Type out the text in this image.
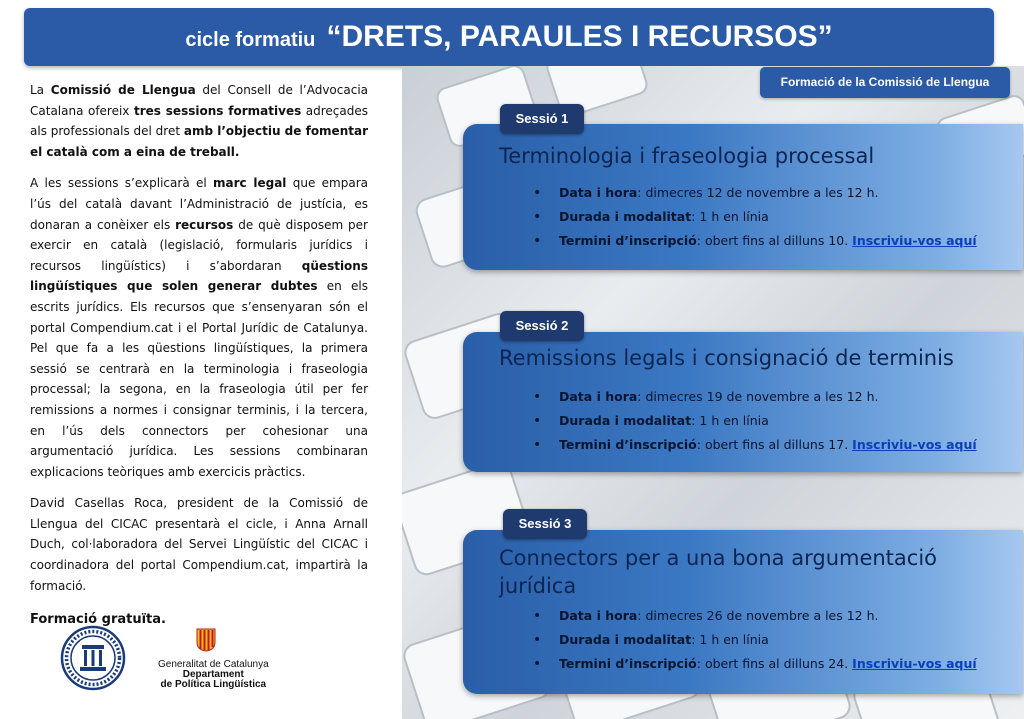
cicle formatiu “DRETS, PARAULES I RECURSOS”
Formació de la Comissió de Llengua

La Comissió de Llengua del Consell de l’Advocacia Catalana ofereix tres sessions formatives adreçades als professionals del dret amb l’objectiu de fomentar el català com a eina de treball.

A les sessions s’explicarà el marc legal que empara l’ús del català davant l’Administració de justícia, es donaran a conèixer els recursos de què disposem per exercir en català (legislació, formularis jurídics i recursos lingüístics) i s’abordaran qüestions lingüístiques que solen generar dubtes en els escrits jurídics. Els recursos que s’ensenyaran són el portal Compendium.cat i el Portal Jurídic de Catalunya. Pel que fa a les qüestions lingüístiques, la primera sessió se centrarà en la terminologia i fraseologia processal; la segona, en la fraseologia útil per fer remissions a normes i consignar terminis, i la tercera, en l’ús dels connectors per cohesionar una argumentació jurídica. Les sessions combinaran explicacions teòriques amb exercicis pràctics.

David Casellas Roca, president de la Comissió de Llengua del CICAC presentarà el cicle, i Anna Arnall Duch, col·laboradora del Servei Lingüístic del CICAC i coordinadora del portal Compendium.cat, impartirà la formació.

Formació gratuïta.

Generalitat de Catalunya
Departament
de Política Lingüística
Terminologia i fraseologia processal
• Data i hora: dimecres 12 de novembre a les 12 h.
• Durada i modalitat: 1 h en línia
• Termini d’inscripció: obert fins al dilluns 10. Inscriviu-vos aquí
Sessió 1
Remissions legals i consignació de terminis
• Data i hora: dimecres 19 de novembre a les 12 h.
• Durada i modalitat: 1 h en línia
• Termini d’inscripció: obert fins al dilluns 17. Inscriviu-vos aquí
Sessió 2
Connectors per a una bona argumentació jurídica
• Data i hora: dimecres 26 de novembre a les 12 h.
• Durada i modalitat: 1 h en línia
• Termini d’inscripció: obert fins al dilluns 24. Inscriviu-vos aquí
Sessió 3
